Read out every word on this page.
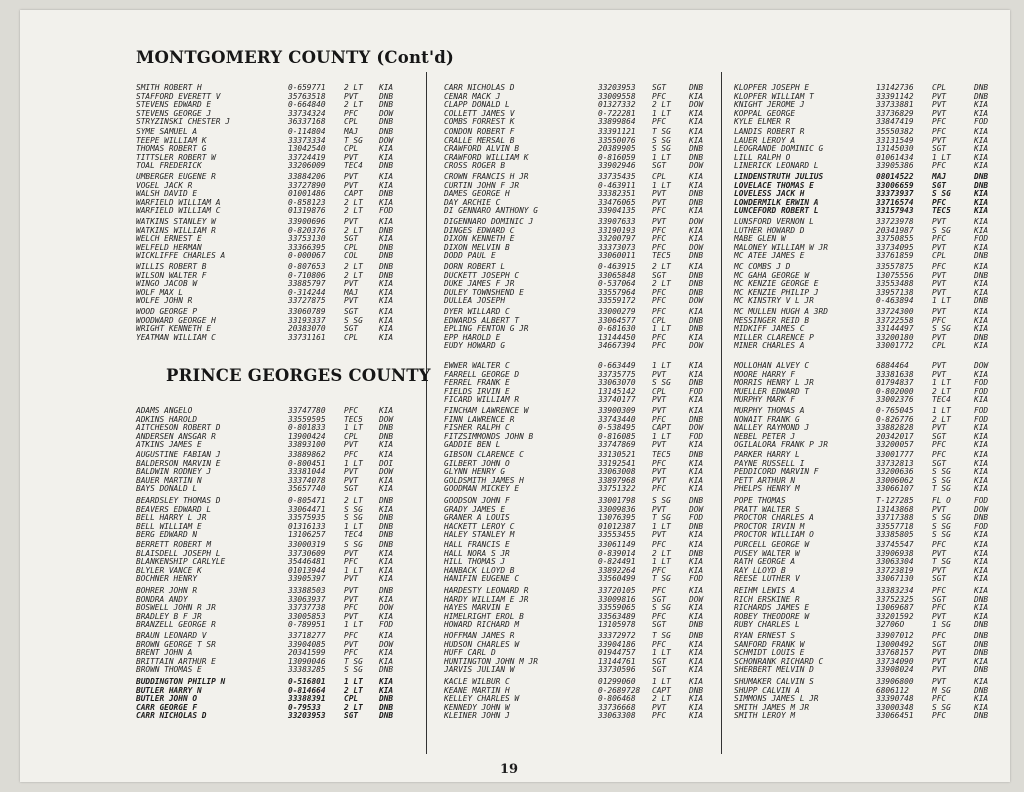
MONTGOMERY COUNTY (Cont'd)
PRINCE GEORGES COUNTY
SMITH ROBERT H	0-659771 2 LT KIA
STAFFORD EVERETT V	35763518 PVT	DNB
STEVENS EDWARD E	0-664840 2 LT DNB
STEVENS GEORGE J	33734324 PFC	DOW
STRYZINSKI CHESTER J	36337168 CPL	DNB
SYME SAMUEL A	0-114804 MAJ	DNB
TEEPE WILLIAM K	33373334 T SG DOW
THOMAS ROBERT G	13042540 CPL	KIA
TITTSLER ROBERT W	33724419 PVT	KIA
TOAL FREDERICK	33206009 TEC4 DNB
UMBERGER EUGENE R	33884206 PVT	KIA
VOGEL JACK R	33727890 PVT	KIA
WALSH DAVID E	01001486 CAPT DNB
WARFIELD WILLIAM A	0-858123 2 LT KIA
WARFIELD WILLIAM C	01319876 2 LT FOD
WATKINS STANLEY W	33900696 PVT	KIA
WATKINS WILLIAM R	0-820376 2 LT DNB
WELCH ERNEST E	33753130 SGT	KIA
WELFELD HERMAN	33366395 CPL	DNB
WICKLIFFE CHARLES A	0-000067 COL	DNB
WILLIS ROBERT B	0-807653 2 LT DNB
WILSON WALTER F	0-710806 2 LT DNB
WINGO JACOB W	33885797 PVT	KIA
WOLF MAX L	0-314244 MAJ	KIA
WOLFE JOHN R	33727875 PVT	KIA
WOOD GEORGE P	33060789 SGT	KIA
WOODWARD GEORGE H	33193337 S SG KIA
WRIGHT KENNETH E	20383070 SGT	KIA
YEATMAN WILLIAM C	33731161 CPL	KIA
ADAMS ANGELO	33747780 PFC	KIA
ADKINS HAROLD	33559595 TEC5 DOW
AITCHESON ROBERT D	0-801833 1 LT DNB
ANDERSEN ANSGAR R	13900424 CPL	DNB
ATKINS JAMES E	33893100 PVT	KIA
AUGUSTINE FABIAN J	33889862 PFC	KIA
BALDERSON MARVIN E	0-800451 1 LT DOI
BALDWIN RODNEY J	33381044 PVT	DOW
BAUER MARTIN N	33374078 PVT	KIA
BAYS DONALD L	35657740 SGT	KIA
BEARDSLEY THOMAS D	0-805471 2 LT DNB
BEAVERS EDWARD L	33064471 S SG KIA
BELL HARRY L JR	33575935 S SG DNB
BELL WILLIAM E	01316133 1 LT DNB
BERG EDWARD N	13106257 TEC4 DNB
BERRETT ROBERT M	33000319 S SG DNB
BLAISDELL JOSEPH L	33730609 PVT	KIA
BLANKENSHIP CARLYLE	35446481 PFC	KIA
BLYLER VANCE K	01013944 1 LT KIA
BOCHNER HENRY	33905397 PVT	KIA
BOHRER JOHN R	33388503 PVT	DNB
BONDRA ANDY	33063937 PVT	KIA
BOSWELL JOHN R JR	33737738 PFC	DOW
BRADLEY B F JR	33005853 PVT	KIA
BRANZELL GEORGE R	0-789951 1 LT FOD
BRAUN LEONARD V	33718277 PFC	KIA
BROWN GEORGE T SR	33904085 PVT	DOW
BRENT JOHN A	20341599 PFC	KIA
BRITTAIN ARTHUR E	13090046 T SG KIA
BROWN THOMAS E	33383285 S SG DNB
BUDDINGTON PHILIP N	0-516801 1 LT KIA
BUTLER HARRY N	0-814664 2 LT KIA
BUTLER JOHN O	33388391 CPL	DNB
CARR GEORGE F	0-79533	2 LT DNB
CARR NICHOLAS D	33203953 SGT	DNB
CARR NICHOLAS D	33203953 SGT	DNB
CENAR MACK J	33009558 PFC	KIA
CLAPP DONALD L	01327332 2 LT DOW
COLLETT JAMES V	0-722281 1 LT KIA
COMBS FORREST K	33899864 PFC	KIA
CONDON ROBERT F	33391121 T SG KIA
CRALLE MERSAL B	33550076 S SG KIA
CRAWFORD ALVIN B	20389905 S SG DNB
CRAWFORD WILLIAM K	0-816059 1 LT DNB
CROSS ROGER B	33902946 SGT	DOW
CROWN FRANCIS H JR	33735435 CPL	KIA
CURTIN JOHN F JR	0-463911 1 LT KIA
DAMES GEORGE H	33382351 PVT	DNB
DAY ARCHIE C	33476065 PVT	DNB
DI GENNARO ANTHONY G	33904135 PFC	KIA
DIGENNARO DOMINIC J	33907633 PVT	DOW
DINGES EDWARD C	33190193 PFC	KIA
DIXON KENNETH E	33200797 PFC	KIA
DIXON MELVIN B	33373073 PFC	DOW
DODD PAUL E	33060011 TEC5 DNB
DORN ROBERT L	0-463915 2 LT KIA
DUCKETT JOSEPH C	33065848 SGT	DNB
DUKE JAMES F JR	0-537064 2 LT DNB
DULEY TOWNSHEND E	33557964 PFC	DNB
DULLEA JOSEPH	33559172 PFC	DOW
DYER WILLARD C	33000279 PFC	KIA
EDWARDS ALBERT T	33064577 CPL	DNB
EPLING FENTON G JR	0-681630 1 LT DNB
EPP HAROLD E	13144450 PFC	KIA
EUDY HOWARD G	34667394 PFC	DOW
EWWER WALTER C	0-663449 1 LT KIA
FARRELL GEORGE D	33735775 PVT	KIA
FERREL FRANK E	33063070 S SG DNB
FIELDS IRVIN E	13145142 CPL	FOD
FICARD WILLIAM R	33740177 PVT	KIA
FINCHAM LAWRENCE W	33900309 PVT	KIA
FINN LAWRENCE R	33743440 PFC	DNB
FISHER RALPH C	0-538495 CAPT DOW
FITZSIMMONDS JOHN B	0-816085 1 LT FOD
GADDIE BEN L	33747869 PVT	KIA
GIBSON CLARENCE C	33130521 TEC5 DNB
GILBERT JOHN O	33192541 PFC	KIA
GLYNN HENRY G	33063008 PVT	KIA
GOLDSMITH JAMES H	33897968 PVT	KIA
GOODMAN MICKEY E	33751322 PFC	KIA
GOODSON JOHN F	33001798 S SG DNB
GRADY JAMES E	33009836 PVT	DOW
GRANER A LOUIS	13076395 T SG FOD
HACKETT LEROY C	01012387 1 LT DNB
HALEY STANLEY M	33553455 PVT	KIA
HALL FRANCIS E	33061149 PFC	KIA
HALL NORA S JR	0-839014 2 LT DNB
HILL THOMAS J	0-824491 1 LT KIA
HANBACK LLOYD B	33892264 PFC	KIA
HANIFIN EUGENE C	33560499 T SG FOD
HARDESTY LEONARD R	33720105 PFC	KIA
HARDY WILLIAM E JR	33009816 SGT	DOW
HAYES MARVIN E	33559065 S SG KIA
HIMELRIGHT EROL B	33563489 PFC	KIA
HOWARD RICHARD M	13105978 SGT	DNB
HOFFMAN JAMES R	33372972 T SG DNB
HUDSON CHARLES W	33904186 PFC	KIA
HUFF CARL D	01944757 1 LT KIA
HUNTINGTON JOHN M JR	13144761 SGT	KIA
JARVIS JULIAN W	33730596 SGT	KIA
KACLE WILBUR C	01299060 1 LT KIA
KEANE MARTIN H	0-2689728 CAPT DNB
KELLEY CHARLES W	0-806468 2 LT KIA
KENNEDY JOHN W	33736668 PVT	KIA
KLEINER JOHN J	33063308 PFC	KIA
KLOPFER JOSEPH E	13142736 CPL	DNB
KLOPFER WILLIAM T	33391142 PVT	DNB
KNIGHT JEROME J	33733881 PVT	KIA
KOPPAL GEORGE	33736829 PVT	KIA
KYLE ELMER R	33847419 PFC	FOD
LANDIS ROBERT R	35550382 PFC	KIA
LAUER LEROY A	33131549 PVT	KIA
LEOGRANDE DOMINIC G	13145030 SGT	KIA
LILL RALPH O	01061434 1 LT	KIA
LINERICK LEONARD L	33905386 PFC	KIA
LINDENSTRUTH JULIUS	08014522 MAJ	DNB
LOVELACE THOMAS E	33006659 SGT	DNB
LOVELESS JACK H	33373937 S SG	KIA
LOWDERMILK ERWIN A	33716574 PFC	KIA
LUNCEFORD ROBERT L	33157943 TEC5	KIA
LUNSFORD VERNON L	33723978 PVT	KIA
LUTHER HOWARD D	20341987 S SG	KIA
MABE GLEN W	33750855 PFC	FOD
MALONEY WILLIAM W JR	33734095 PVT	KIA
MC ATEE JAMES E	33761859 CPL	DNB
MC COMBS J D	33557875 PFC	KIA
MC GAHA GEORGE W	13075556 PVT	DNB
MC KENZIE GEORGE E	33553488 PVT	KIA
MC KENZIE PHILIP J	33957138 PVT	KIA
MC KINSTRY V L JR	0-463894 1 LT	DNB
MC MULLEN HUGH A 3RD	33724300 PVT	KIA
MESSINGER REID B	33722558 PFC	KIA
MIDKIFF JAMES C	33144497 S SG	KIA
MILLER CLARENCE P	33200180 PVT	DNB
MINER CHARLES A	33001772 CPL	KIA
MOLLOHAN ALVEY C	6884464	PVT	DOW
MOORE HARRY F	33381638 PVT	KIA
MORRIS HENRY L JR	01794837 1 LT	FOD
MUELLER EDWARD T	0-802000 2 LT	FOD
MURPHY MARK F	33002376 TEC4	KIA
MURPHY THOMAS A	0-765045 1 LT	FOD
NOWAIT FRANK G	0-826776 2 LT	FOD
NALLEY RAYMOND J	33882828 PVT	KIA
NEBEL PETER J	20342017 SGT	KIA
OGILALORA FRANK P JR	33200057 PFC	KIA
PARKER HARRY L	33001777 PFC	KIA
PAYNE RUSSELL I	33732813 SGT	KIA
PEDDICORD MARVIN F	33200636 S SG	KIA
PETT ARTHUR N	33006062 S SG	KIA
PHELPS HENRY M	33066107 T SG	KIA
POPE THOMAS	T-127285 FL O	FOD
PRATT WALTER S	13143868 PVT	DOW
PROCTOR CHARLES A	33717388 S SG	DNB
PROCTOR IRVIN M	33557718 S SG	FOD
PROCTOR WILLIAM O	33385805 S SG	KIA
PURCELL GEORGE W	33745547 PFC	KIA
PUSEY WALTER W	33906938 PVT	KIA
RATH GEORGE A	33063304 T SG	KIA
RAY LLOYD B	33723819 PVT	KIA
REESE LUTHER V	33067130 SGT	KIA
REIHM LEWIS A	33383234 PFC	KIA
RICH ERSKINE R	33752325 SGT	DNB
RICHARDS JAMES E	13069687 PFC	KIA
ROBEY THEODORE W	33201592 PVT	KIA
RUBY CHARLES L	32706O	1 SG	DNB
RYAN ERNEST S	33907012 PFC	DNB
SANFORD FRANK W	13000492 SGT	DNB
SCHMIDT LOUIS E	33768157 PVT	DNB
SCHONRANK RICHARD C	33734090 PVT	KIA
SHERBERT MELVIN D	33908024 PVT	DNB
SHUMAKER CALVIN S	33906800 PVT	KIA
SHUPP CALVIN A	6806112	M SG	DNB
SIMMONS JAMES L JR	33390748 PFC	KIA
SMITH JAMES M JR	33000348 S SG	KIA
SMITH LEROY M	33066451 PFC	DNB
19
